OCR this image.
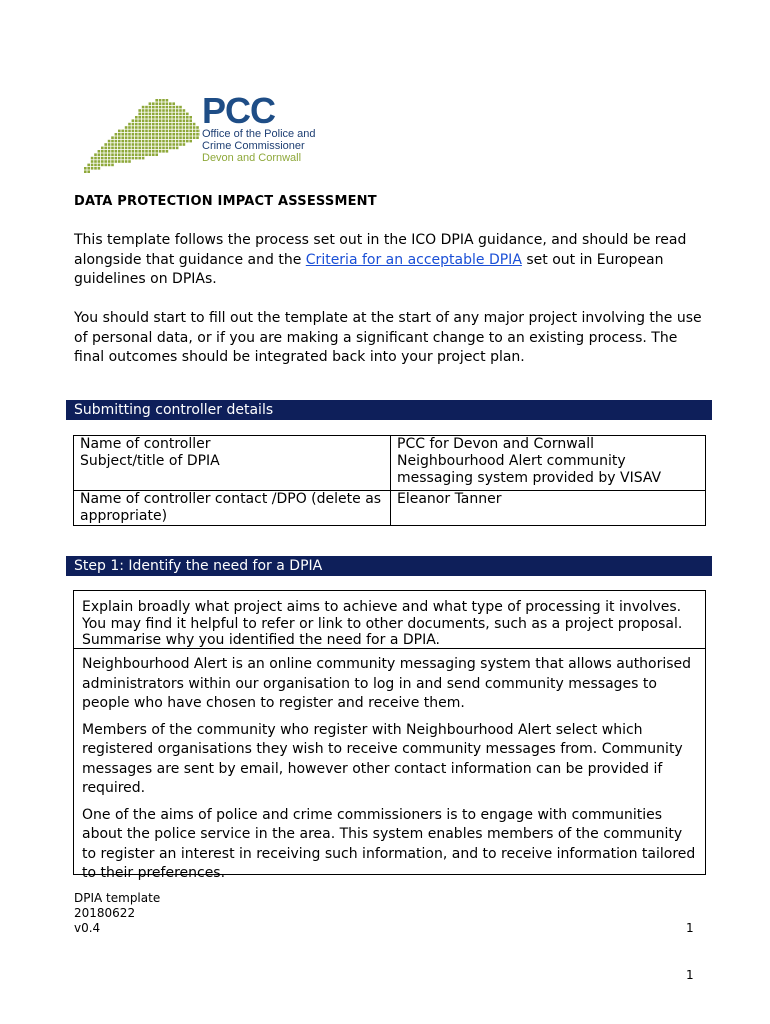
PCC
Office of the Police and
Crime Commissioner
Devon and Cornwall
DATA PROTECTION IMPACT ASSESSMENT
This template follows the process set out in the ICO DPIA guidance, and should be read alongside that guidance and the Criteria for an acceptable DPIA set out in European guidelines on DPIAs.
You should start to fill out the template at the start of any major project involving the use of personal data, or if you are making a significant change to an existing process. The final outcomes should be integrated back into your project plan.
Submitting controller details
Name of controller	PCC for Devon and Cornwall
Subject/title of DPIA	Neighbourhood Alert community messaging system provided by VISAV
Name of controller contact /DPO (delete as appropriate)	Eleanor Tanner
Step 1: Identify the need for a DPIA
Explain broadly what project aims to achieve and what type of processing it involves. You may find it helpful to refer or link to other documents, such as a project proposal. Summarise why you identified the need for a DPIA.

Neighbourhood Alert is an online community messaging system that allows authorised administrators within our organisation to log in and send community messages to people who have chosen to register and receive them.

Members of the community who register with Neighbourhood Alert select which registered organisations they wish to receive community messages from. Community messages are sent by email, however other contact information can be provided if required.

One of the aims of police and crime commissioners is to engage with communities about the police service in the area. This system enables members of the community to register an interest in receiving such information, and to receive information tailored to their preferences.

DPIA template
20180622
v0.4	1
1
